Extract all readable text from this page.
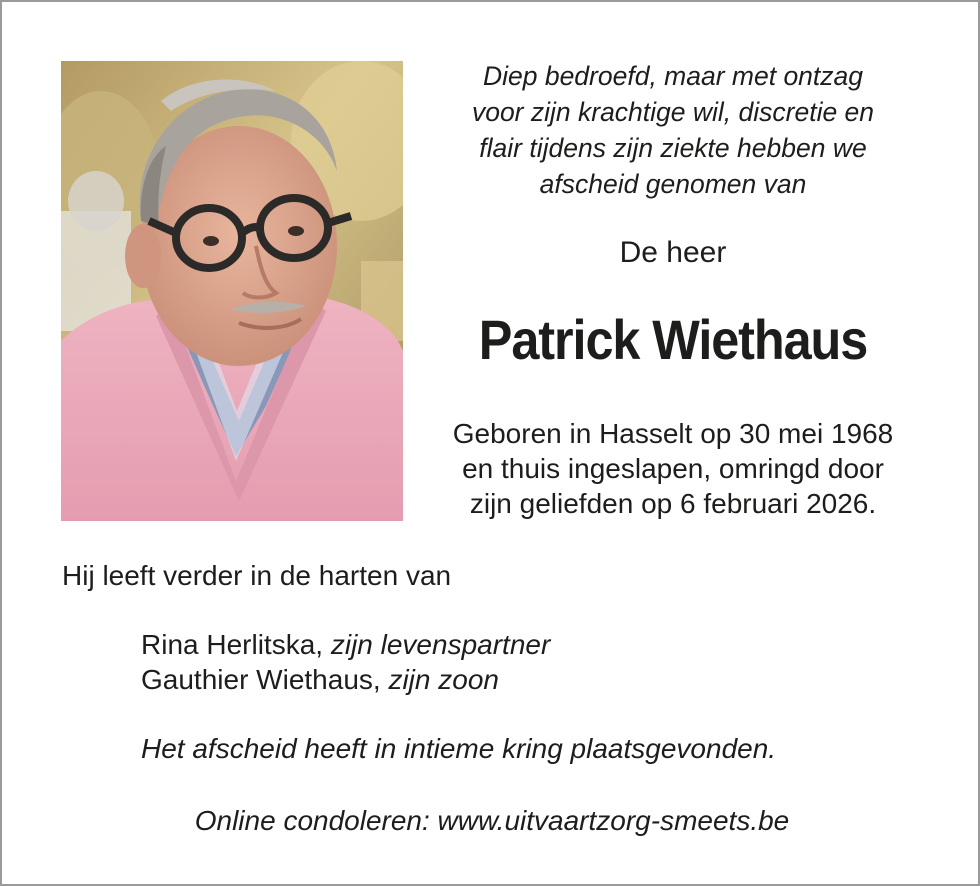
Diep bedroefd, maar met ontzag
voor zijn krachtige wil, discretie en
flair tijdens zijn ziekte hebben we
afscheid genomen van
De heer
Patrick Wiethaus
Geboren in Hasselt op 30 mei 1968
en thuis ingeslapen, omringd door
zijn geliefden op 6 februari 2026.
Hij leeft verder in de harten van
Rina Herlitska, zijn levenspartner
Gauthier Wiethaus, zijn zoon
Het afscheid heeft in intieme kring plaatsgevonden.
Online condoleren: www.uitvaartzorg-smeets.be
